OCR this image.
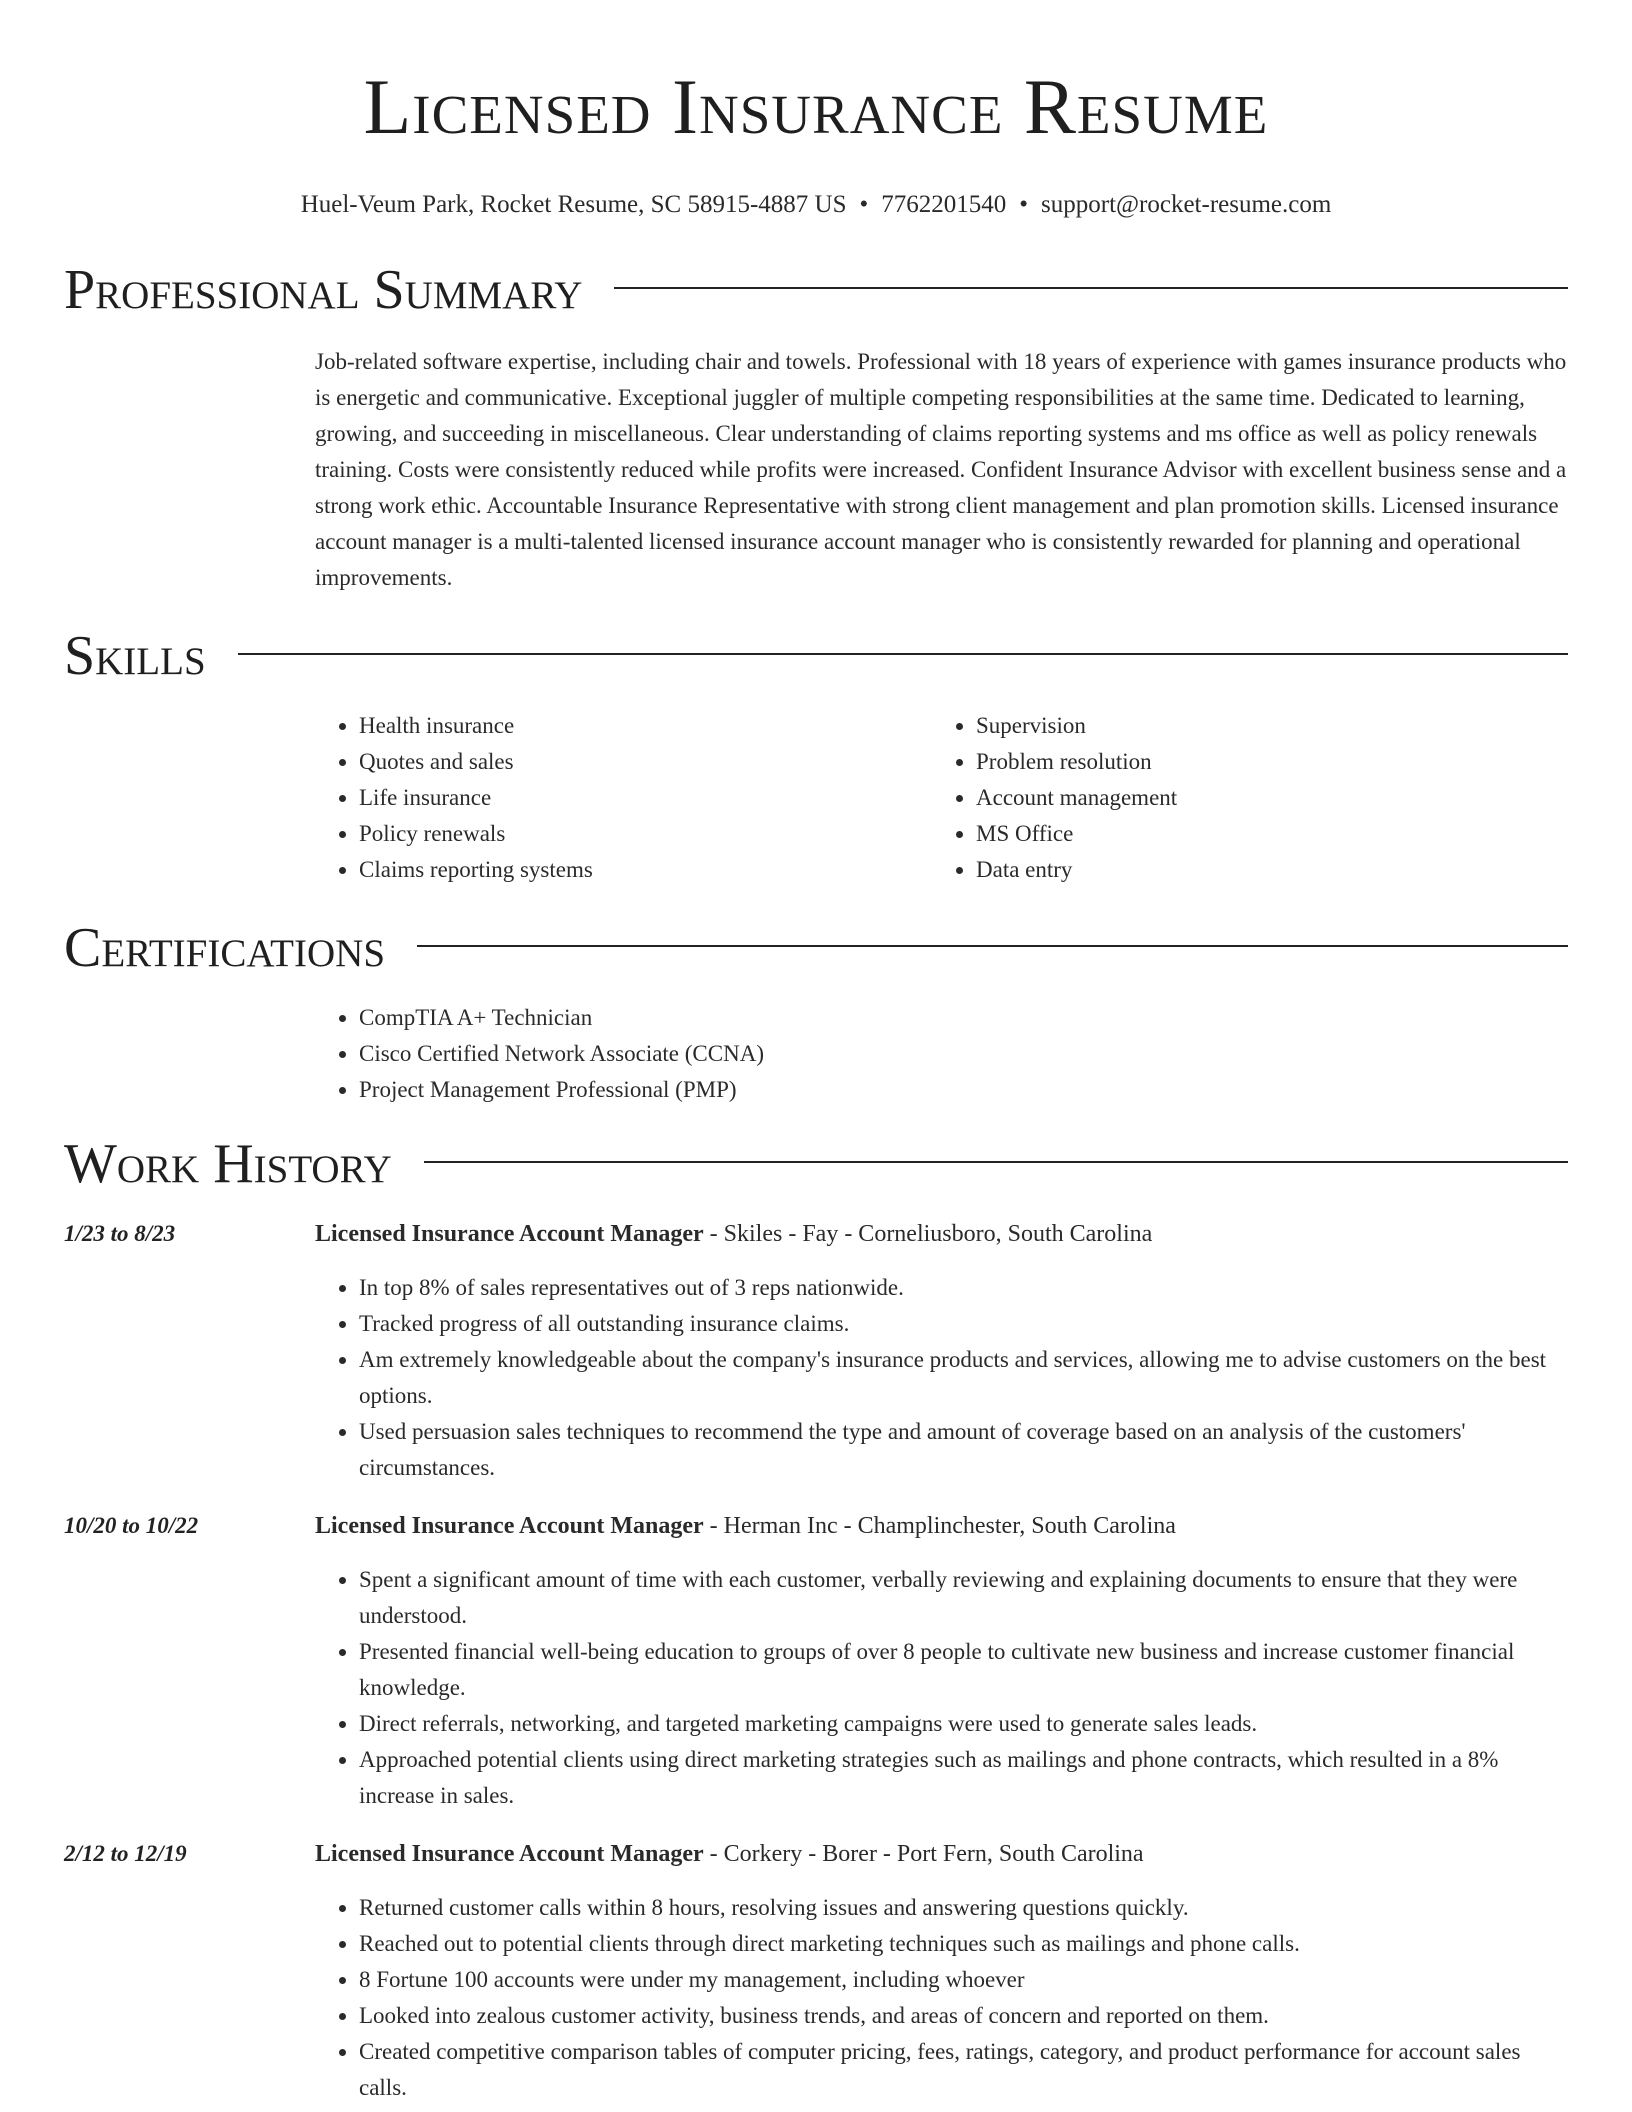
Licensed Insurance Resume
Huel-Veum Park, Rocket Resume, SC 58915-4887 US • 7762201540 • support@rocket-resume.com
Professional Summary
Job-related software expertise, including chair and towels. Professional with 18 years of experience with games insurance products who is energetic and communicative. Exceptional juggler of multiple competing responsibilities at the same time. Dedicated to learning, growing, and succeeding in miscellaneous. Clear understanding of claims reporting systems and ms office as well as policy renewals training. Costs were consistently reduced while profits were increased. Confident Insurance Advisor with excellent business sense and a strong work ethic. Accountable Insurance Representative with strong client management and plan promotion skills. Licensed insurance account manager is a multi-talented licensed insurance account manager who is consistently rewarded for planning and operational improvements.
Skills
• Health insurance
• Quotes and sales
• Life insurance
• Policy renewals
• Claims reporting systems
• Supervision
• Problem resolution
• Account management
• MS Office
• Data entry
Certifications
• CompTIA A+ Technician
• Cisco Certified Network Associate (CCNA)
• Project Management Professional (PMP)
Work History
1/23 to 8/23	Licensed Insurance Account Manager - Skiles - Fay - Corneliusboro, South Carolina
• In top 8% of sales representatives out of 3 reps nationwide.
• Tracked progress of all outstanding insurance claims.
• Am extremely knowledgeable about the company's insurance products and services, allowing me to advise customers on the best options.
• Used persuasion sales techniques to recommend the type and amount of coverage based on an analysis of the customers' circumstances.
10/20 to 10/22	Licensed Insurance Account Manager - Herman Inc - Champlinchester, South Carolina
• Spent a significant amount of time with each customer, verbally reviewing and explaining documents to ensure that they were understood.
• Presented financial well-being education to groups of over 8 people to cultivate new business and increase customer financial knowledge.
• Direct referrals, networking, and targeted marketing campaigns were used to generate sales leads.
• Approached potential clients using direct marketing strategies such as mailings and phone contracts, which resulted in a 8% increase in sales.
2/12 to 12/19	Licensed Insurance Account Manager - Corkery - Borer - Port Fern, South Carolina
• Returned customer calls within 8 hours, resolving issues and answering questions quickly.
• Reached out to potential clients through direct marketing techniques such as mailings and phone calls.
• 8 Fortune 100 accounts were under my management, including whoever
• Looked into zealous customer activity, business trends, and areas of concern and reported on them.
• Created competitive comparison tables of computer pricing, fees, ratings, category, and product performance for account sales calls.
